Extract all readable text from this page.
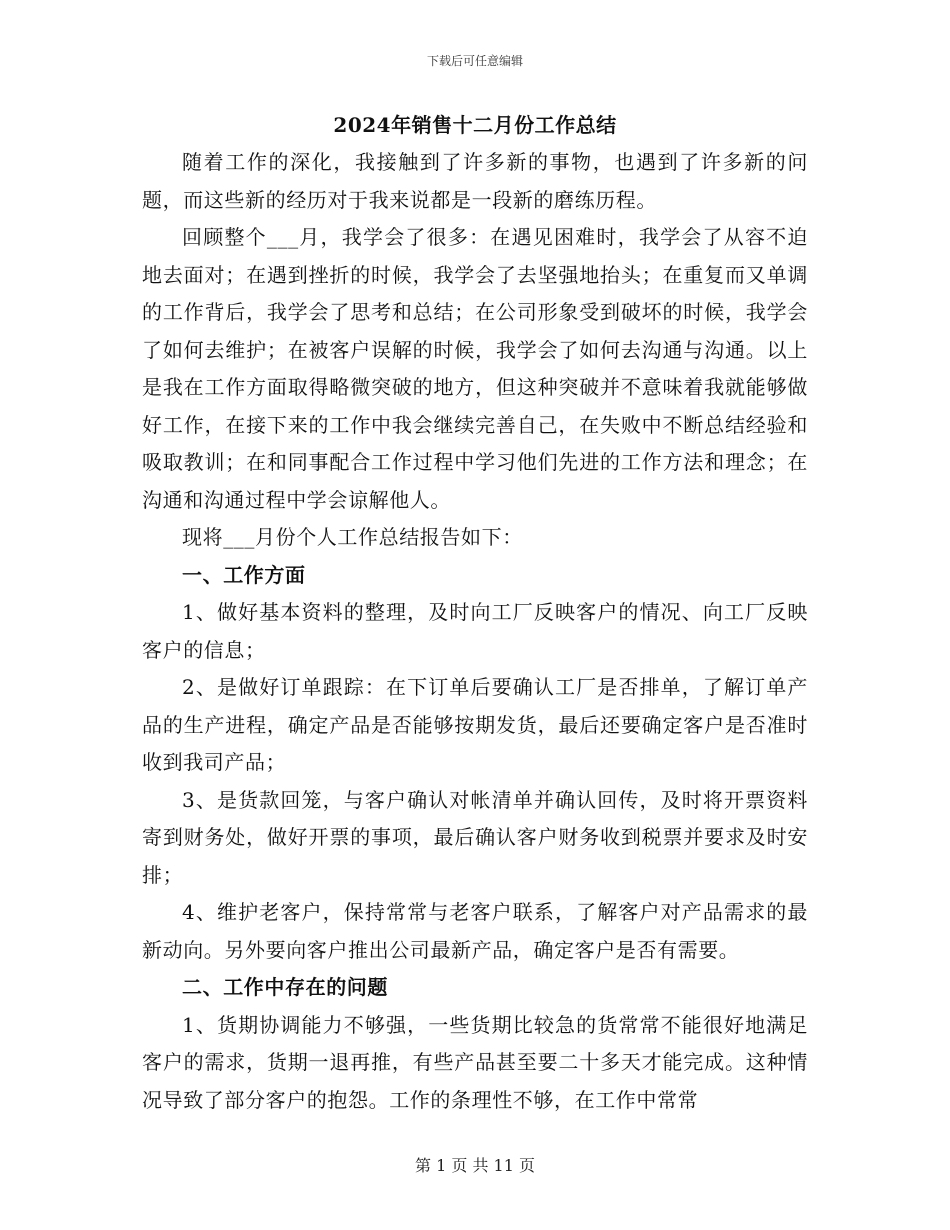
下载后可任意编辑
2024年销售十二月份工作总结

随着工作的深化，我接触到了许多新的事物，也遇到了许多新的问题，而这些新的经历对于我来说都是一段新的磨练历程。

回顾整个___月，我学会了很多：在遇见困难时，我学会了从容不迫地去面对；在遇到挫折的时候，我学会了去坚强地抬头；在重复而又单调的工作背后，我学会了思考和总结；在公司形象受到破坏的时候，我学会了如何去维护；在被客户误解的时候，我学会了如何去沟通与沟通。以上是我在工作方面取得略微突破的地方，但这种突破并不意味着我就能够做好工作，在接下来的工作中我会继续完善自己，在失败中不断总结经验和吸取教训；在和同事配合工作过程中学习他们先进的工作方法和理念；在沟通和沟通过程中学会谅解他人。

现将___月份个人工作总结报告如下：

一、工作方面

1、做好基本资料的整理，及时向工厂反映客户的情况、向工厂反映客户的信息；

2、是做好订单跟踪：在下订单后要确认工厂是否排单，了解订单产品的生产进程，确定产品是否能够按期发货，最后还要确定客户是否准时收到我司产品；

3、是货款回笼，与客户确认对帐清单并确认回传，及时将开票资料寄到财务处，做好开票的事项，最后确认客户财务收到税票并要求及时安排；

4、维护老客户，保持常常与老客户联系，了解客户对产品需求的最新动向。另外要向客户推出公司最新产品，确定客户是否有需要。

二、工作中存在的问题

1、货期协调能力不够强，一些货期比较急的货常常不能很好地满足客户的需求，货期一退再推，有些产品甚至要二十多天才能完成。这种情况导致了部分客户的抱怨。工作的条理性不够，在工作中常常

第 1 页 共 11 页
